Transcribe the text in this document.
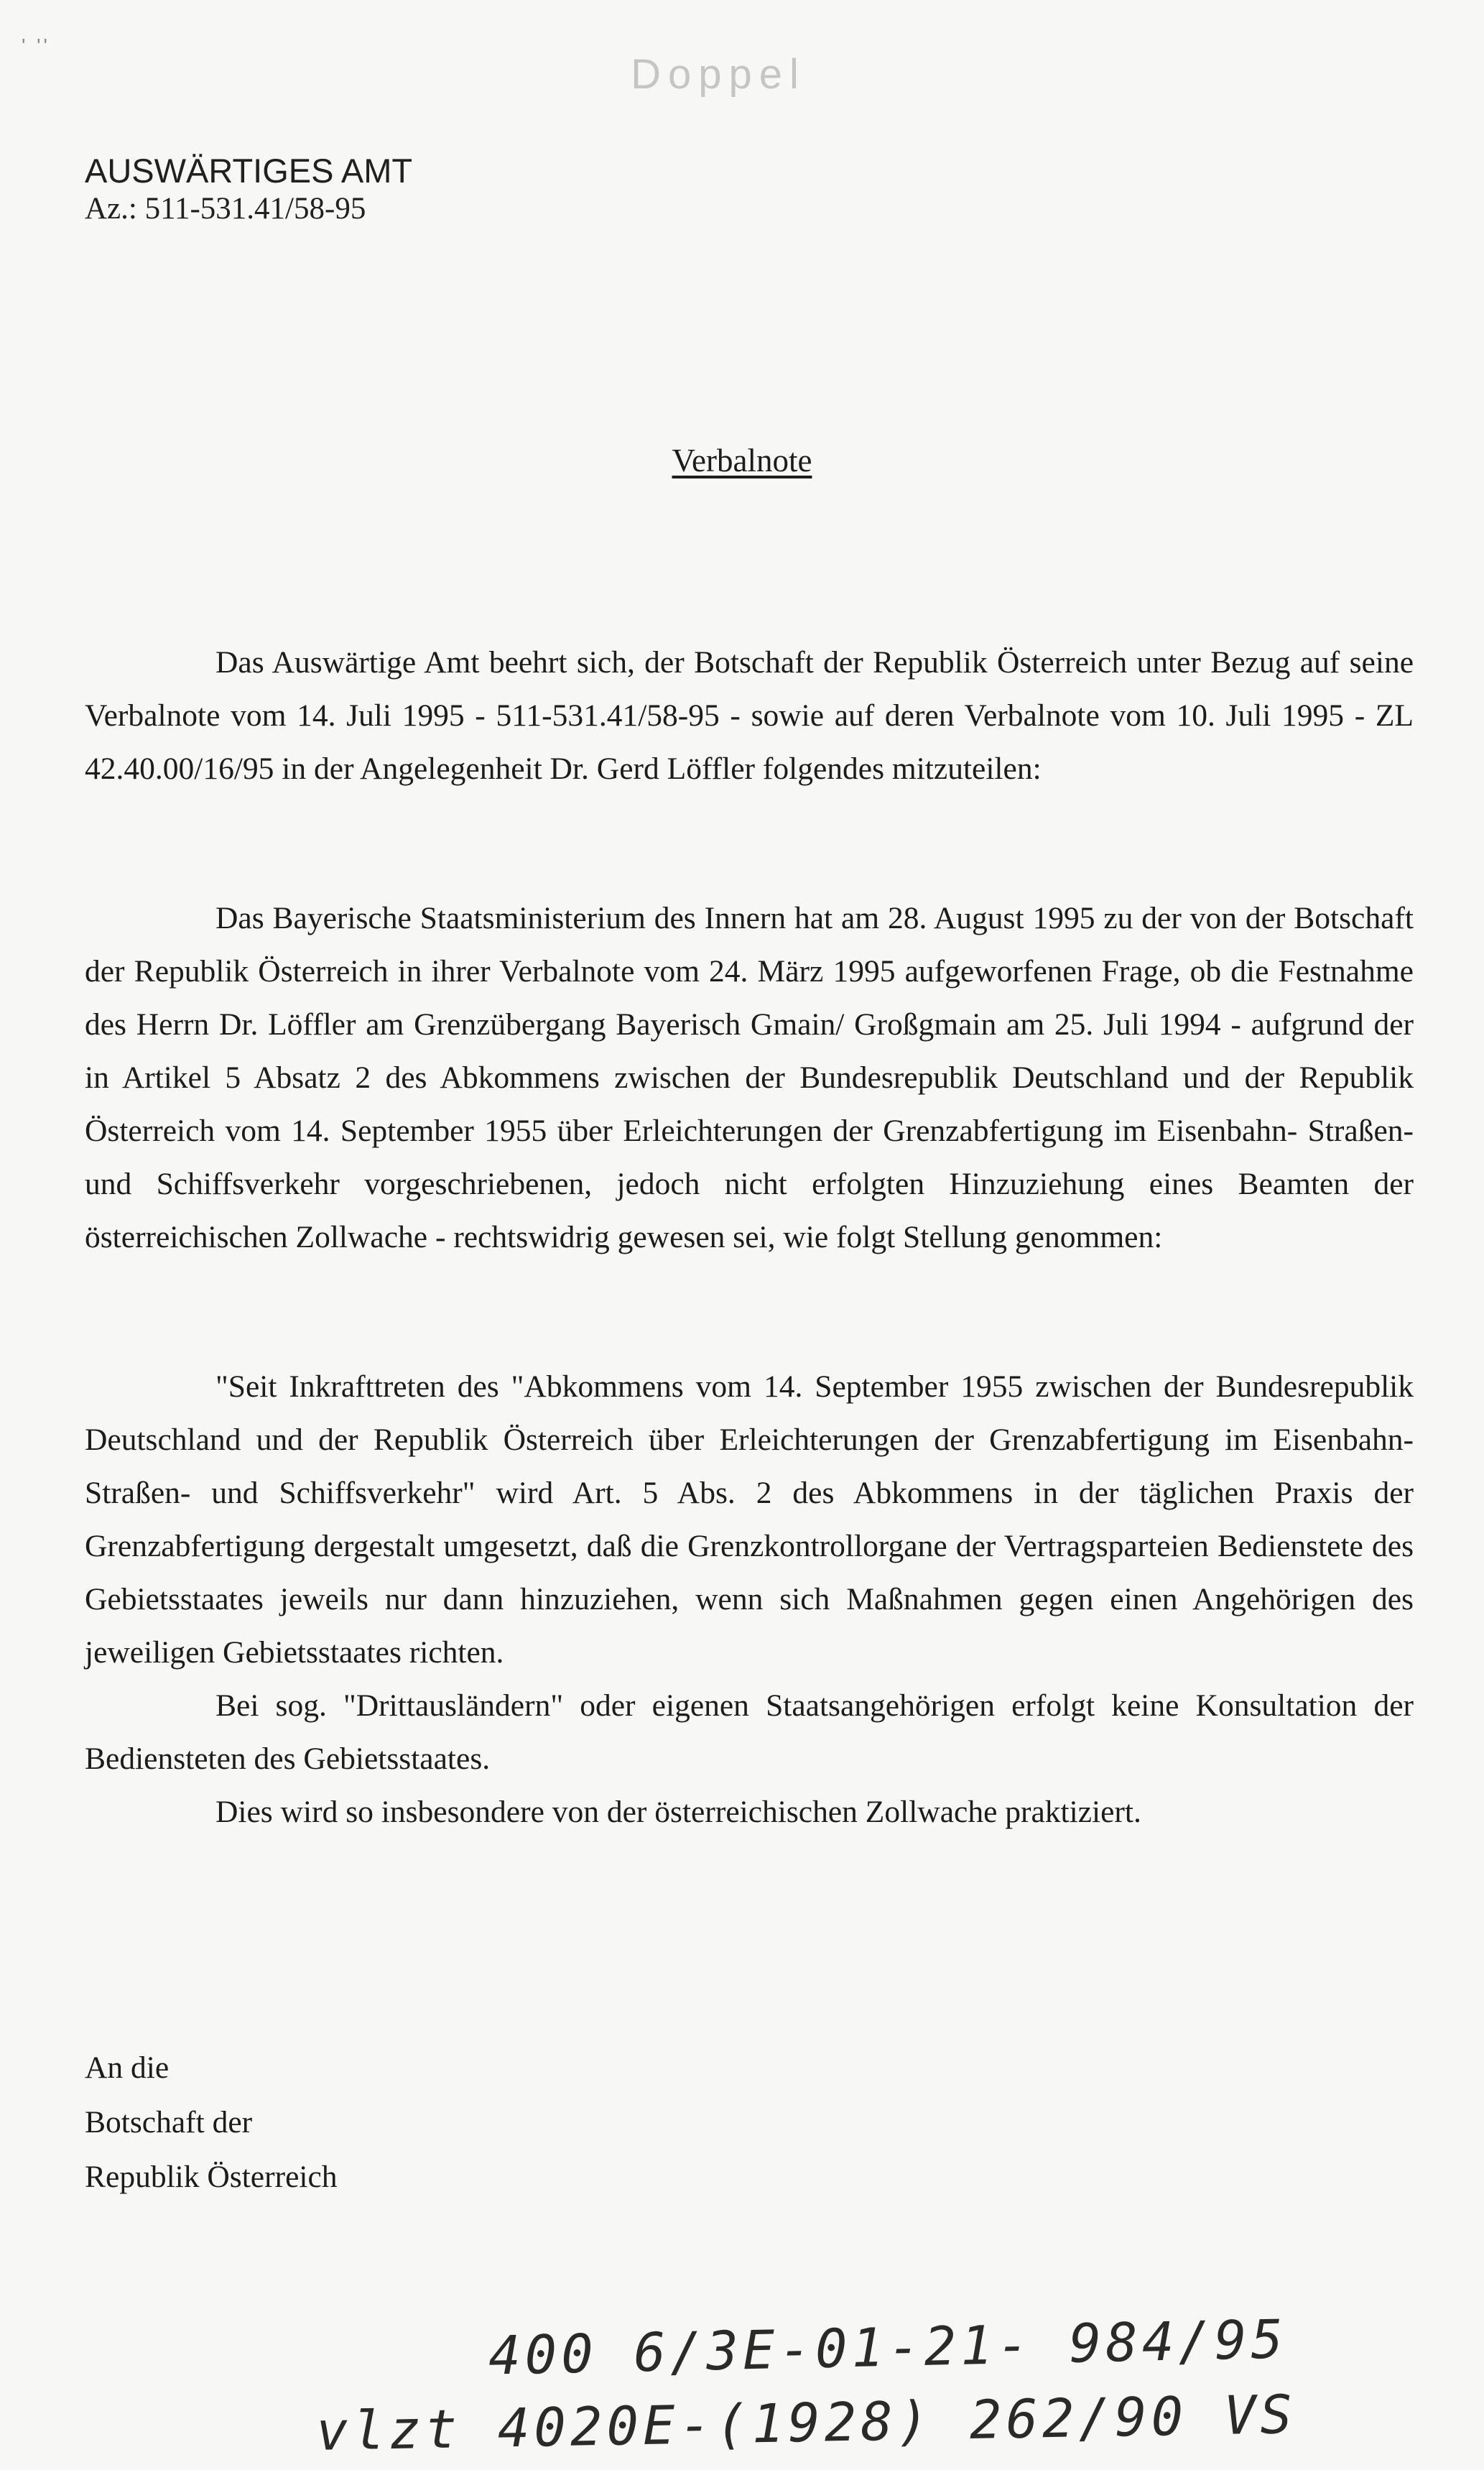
' ''
Doppel
AUSWÄRTIGES AMT
Az.: 511-531.41/58-95
Verbalnote

Das Auswärtige Amt beehrt sich, der Botschaft der Republik Österreich unter Bezug auf seine Verbalnote vom 14. Juli 1995 - 511-531.41/58-95 - sowie auf deren Verbalnote vom 10. Juli 1995 - ZL 42.40.00/16/95 in der Angelegenheit Dr. Gerd Löffler folgendes mitzuteilen:

Das Bayerische Staatsministerium des Innern hat am 28. August 1995 zu der von der Botschaft der Republik Österreich in ihrer Verbalnote vom 24. März 1995 aufgeworfenen Frage, ob die Festnahme des Herrn Dr. Löffler am Grenzübergang Bayerisch Gmain/ Großgmain am 25. Juli 1994 - aufgrund der in Artikel 5 Absatz 2 des Abkommens zwischen der Bundesrepublik Deutschland und der Republik Österreich vom 14. September 1955 über Erleichterungen der Grenzabfertigung im Eisenbahn- Straßen- und Schiffsverkehr vorgeschriebenen, jedoch nicht erfolgten Hinzuziehung eines Beamten der österreichischen Zollwache - rechtswidrig gewesen sei, wie folgt Stellung genommen:

"Seit Inkrafttreten des "Abkommens vom 14. September 1955 zwischen der Bundesrepublik Deutschland und der Republik Österreich über Erleichterungen der Grenzabfertigung im Eisenbahn- Straßen- und Schiffsverkehr" wird Art. 5 Abs. 2 des Abkommens in der täglichen Praxis der Grenzabfertigung dergestalt umgesetzt, daß die Grenzkontrollorgane der Vertragsparteien Bedienstete des Gebietsstaates jeweils nur dann hinzuziehen, wenn sich Maßnahmen gegen einen Angehörigen des jeweiligen Gebietsstaates richten.

Bei sog. "Drittausländern" oder eigenen Staatsangehörigen erfolgt keine Konsultation der Bediensteten des Gebietsstaates.

Dies wird so insbesondere von der österreichischen Zollwache praktiziert.

An die
Botschaft der
Republik Österreich
400 6/3E-01-21- 984/95
vlzt 4020E-(1928) 262/90 VS
